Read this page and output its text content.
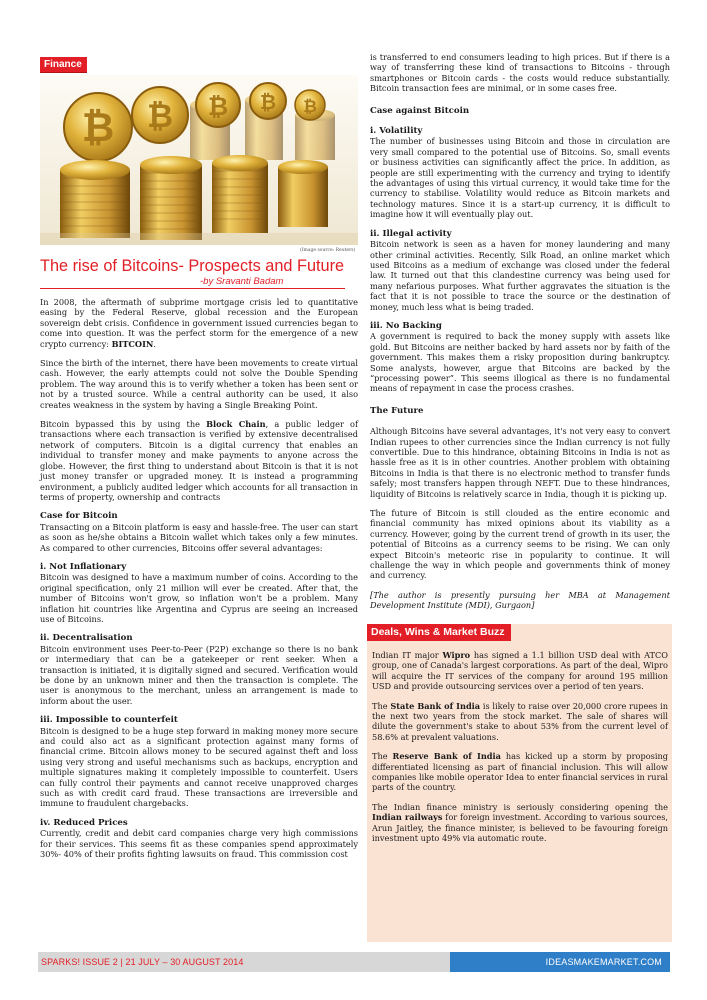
Finance
₿ ₿ ₿ ₿ ₿
(Image source: Reuters)
The rise of Bitcoins- Prospects and Future
-by Sravanti Badam

In 2008, the aftermath of subprime mortgage crisis led to quantitative easing by the Federal Reserve, global recession and the European sovereign debt crisis. Confidence in government issued currencies began to come into question. It was the perfect storm for the emergence of a new crypto currency: BITCOIN.

Since the birth of the internet, there have been movements to create virtual cash. However, the early attempts could not solve the Double Spending problem. The way around this is to verify whether a token has been sent or not by a trusted source. While a central authority can be used, it also creates weakness in the system by having a Single Breaking Point.

Bitcoin bypassed this by using the Block Chain, a public ledger of transactions where each transaction is verified by extensive decentralised network of computers. Bitcoin is a digital currency that enables an individual to transfer money and make payments to anyone across the globe. However, the first thing to understand about Bitcoin is that it is not just money transfer or upgraded money. It is instead a programming environment, a publicly audited ledger which accounts for all transaction in terms of property, ownership and contracts

Case for Bitcoin

Transacting on a Bitcoin platform is easy and hassle-free. The user can start as soon as he/she obtains a Bitcoin wallet which takes only a few minutes. As compared to other currencies, Bitcoins offer several advantages:

i. Not Inflationary

Bitcoin was designed to have a maximum number of coins. According to the original specification, only 21 million will ever be created. After that, the number of Bitcoins won't grow, so inflation won't be a problem. Many inflation hit countries like Argentina and Cyprus are seeing an increased use of Bitcoins.

ii. Decentralisation

Bitcoin environment uses Peer-to-Peer (P2P) exchange so there is no bank or intermediary that can be a gatekeeper or rent seeker. When a transaction is initiated, it is digitally signed and secured. Verification would be done by an unknown miner and then the transaction is complete. The user is anonymous to the merchant, unless an arrangement is made to inform about the user.

iii. Impossible to counterfeit

Bitcoin is designed to be a huge step forward in making money more secure and could also act as a significant protection against many forms of financial crime. Bitcoin allows money to be secured against theft and loss using very strong and useful mechanisms such as backups, encryption and multiple signatures making it completely impossible to counterfeit. Users can fully control their payments and cannot receive unapproved charges such as with credit card fraud. These transactions are irreversible and immune to fraudulent chargebacks.

iv. Reduced Prices

Currently, credit and debit card companies charge very high commissions for their services. This seems fit as these companies spend approximately 30%- 40% of their profits fighting lawsuits on fraud. This commission cost

is transferred to end consumers leading to high prices. But if there is a way of transferring these kind of transactions to Bitcoins - through smartphones or Bitcoin cards - the costs would reduce substantially. Bitcoin transaction fees are minimal, or in some cases free.

Case against Bitcoin
i. Volatility

The number of businesses using Bitcoin and those in circulation are very small compared to the potential use of Bitcoins. So, small events or business activities can significantly affect the price. In addition, as people are still experimenting with the currency and trying to identify the advantages of using this virtual currency, it would take time for the currency to stabilise. Volatility would reduce as Bitcoin markets and technology matures. Since it is a start-up currency, it is difficult to imagine how it will eventually play out.

ii. Illegal activity

Bitcoin network is seen as a haven for money laundering and many other criminal activities. Recently, Silk Road, an online market which used Bitcoins as a medium of exchange was closed under the federal law. It turned out that this clandestine currency was being used for many nefarious purposes. What further aggravates the situation is the fact that it is not possible to trace the source or the destination of money, much less what is being traded.

iii. No Backing

A government is required to back the money supply with assets like gold. But Bitcoins are neither backed by hard assets nor by faith of the government. This makes them a risky proposition during bankruptcy. Some analysts, however, argue that Bitcoins are backed by the “processing power”. This seems illogical as there is no fundamental means of repayment in case the process crashes.

The Future

Although Bitcoins have several advantages, it's not very easy to convert Indian rupees to other currencies since the Indian currency is not fully convertible. Due to this hindrance, obtaining Bitcoins in India is not as hassle free as it is in other countries. Another problem with obtaining Bitcoins in India is that there is no electronic method to transfer funds safely; most transfers happen through NEFT. Due to these hindrances, liquidity of Bitcoins is relatively scarce in India, though it is picking up.

The future of Bitcoin is still clouded as the entire economic and financial community has mixed opinions about its viability as a currency. However, going by the current trend of growth in its user, the potential of Bitcoins as a currency seems to be rising. We can only expect Bitcoin's meteoric rise in popularity to continue. It will challenge the way in which people and governments think of money and currency.

[The author is presently pursuing her MBA at Management Development Institute (MDI), Gurgaon]

Deals, Wins & Market Buzz

Indian IT major Wipro has signed a 1.1 billion USD deal with ATCO group, one of Canada's largest corporations. As part of the deal, Wipro will acquire the IT services of the company for around 195 million USD and provide outsourcing services over a period of ten years.

The State Bank of India is likely to raise over 20,000 crore rupees in the next two years from the stock market. The sale of shares will dilute the government's stake to about 53% from the current level of 58.6% at prevalent valuations.

The Reserve Bank of India has kicked up a storm by proposing differentiated licensing as part of financial inclusion. This will allow companies like mobile operator Idea to enter financial services in rural parts of the country.

The Indian finance ministry is seriously considering opening the Indian railways for foreign investment. According to various sources, Arun Jaitley, the finance minister, is believed to be favouring foreign investment upto 49% via automatic route.

SPARKS! ISSUE 2 | 21 JULY – 30 AUGUST 2014	IDEASMAKEMARKET.COM
